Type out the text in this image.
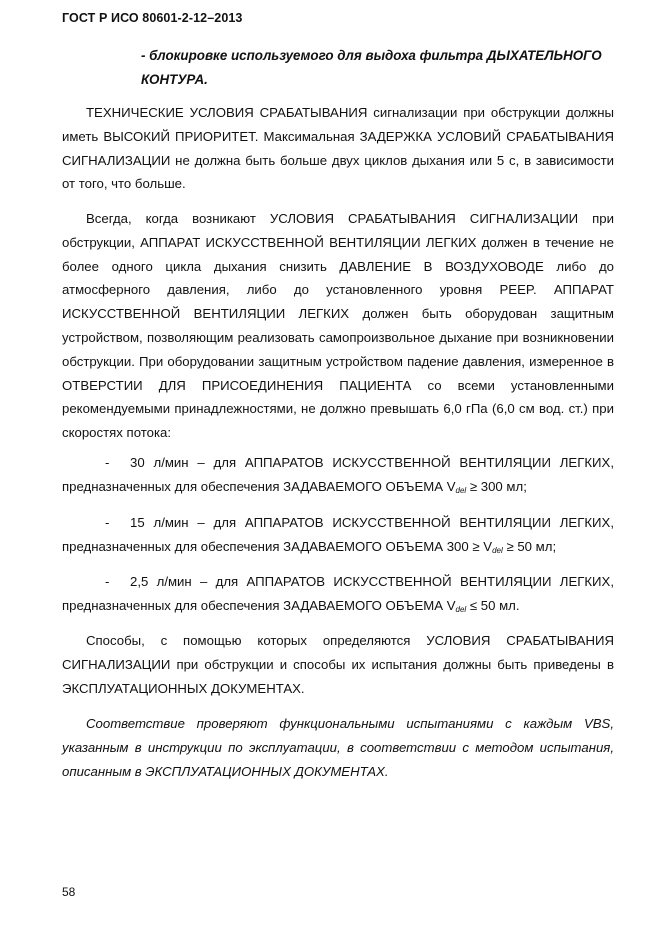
ГОСТ Р ИСО 80601-2-12–2013
- блокировке используемого для выдоха фильтра ДЫХАТЕЛЬНОГО
КОНТУРА.
ТЕХНИЧЕСКИЕ УСЛОВИЯ СРАБАТЫВАНИЯ сигнализации при обструкции должны иметь ВЫСОКИЙ ПРИОРИТЕТ. Максимальная ЗАДЕРЖКА УСЛОВИЙ СРАБАТЫВАНИЯ СИГНАЛИЗАЦИИ не должна быть больше двух циклов дыхания или 5 с, в зависимости от того, что больше.
Всегда, когда возникают УСЛОВИЯ СРАБАТЫВАНИЯ СИГНАЛИЗАЦИИ при обструкции, АППАРАТ ИСКУССТВЕННОЙ ВЕНТИЛЯЦИИ ЛЕГКИХ должен в течение не более одного цикла дыхания снизить ДАВЛЕНИЕ В ВОЗДУХОВОДЕ либо до атмосферного давления, либо до установленного уровня PEEP. АППАРАТ ИСКУССТВЕННОЙ ВЕНТИЛЯЦИИ ЛЕГКИХ должен быть оборудован защитным устройством, позволяющим реализовать самопроизвольное дыхание при возникновении обструкции. При оборудовании защитным устройством падение давления, измеренное в ОТВЕРСТИИ ДЛЯ ПРИСОЕДИНЕНИЯ ПАЦИЕНТА со всеми установленными рекомендуемыми принадлежностями, не должно превышать 6,0 гПа (6,0 см вод. ст.) при скоростях потока:
- 30 л/мин – для АППАРАТОВ ИСКУССТВЕННОЙ ВЕНТИЛЯЦИИ ЛЕГКИХ, предназначенных для обеспечения ЗАДАВАЕМОГО ОБЪЕМА $V_{del} \ge 300$ мл;
- 15 л/мин – для АППАРАТОВ ИСКУССТВЕННОЙ ВЕНТИЛЯЦИИ ЛЕГКИХ, предназначенных для обеспечения ЗАДАВАЕМОГО ОБЪЕМА $300 \ge V_{del} \ge 50$ мл;
- 2,5 л/мин – для АППАРАТОВ ИСКУССТВЕННОЙ ВЕНТИЛЯЦИИ ЛЕГКИХ, предназначенных для обеспечения ЗАДАВАЕМОГО ОБЪЕМА $V_{del} \le 50$ мл.
Способы, с помощью которых определяются УСЛОВИЯ СРАБАТЫВАНИЯ СИГНАЛИЗАЦИИ при обструкции и способы их испытания должны быть приведены в ЭКСПЛУАТАЦИОННЫХ ДОКУМЕНТАХ.
Соответствие проверяют функциональными испытаниями с каждым VBS, указанным в инструкции по эксплуатации, в соответствии с методом испытания, описанным в ЭКСПЛУАТАЦИОННЫХ ДОКУМЕНТАХ.
58
